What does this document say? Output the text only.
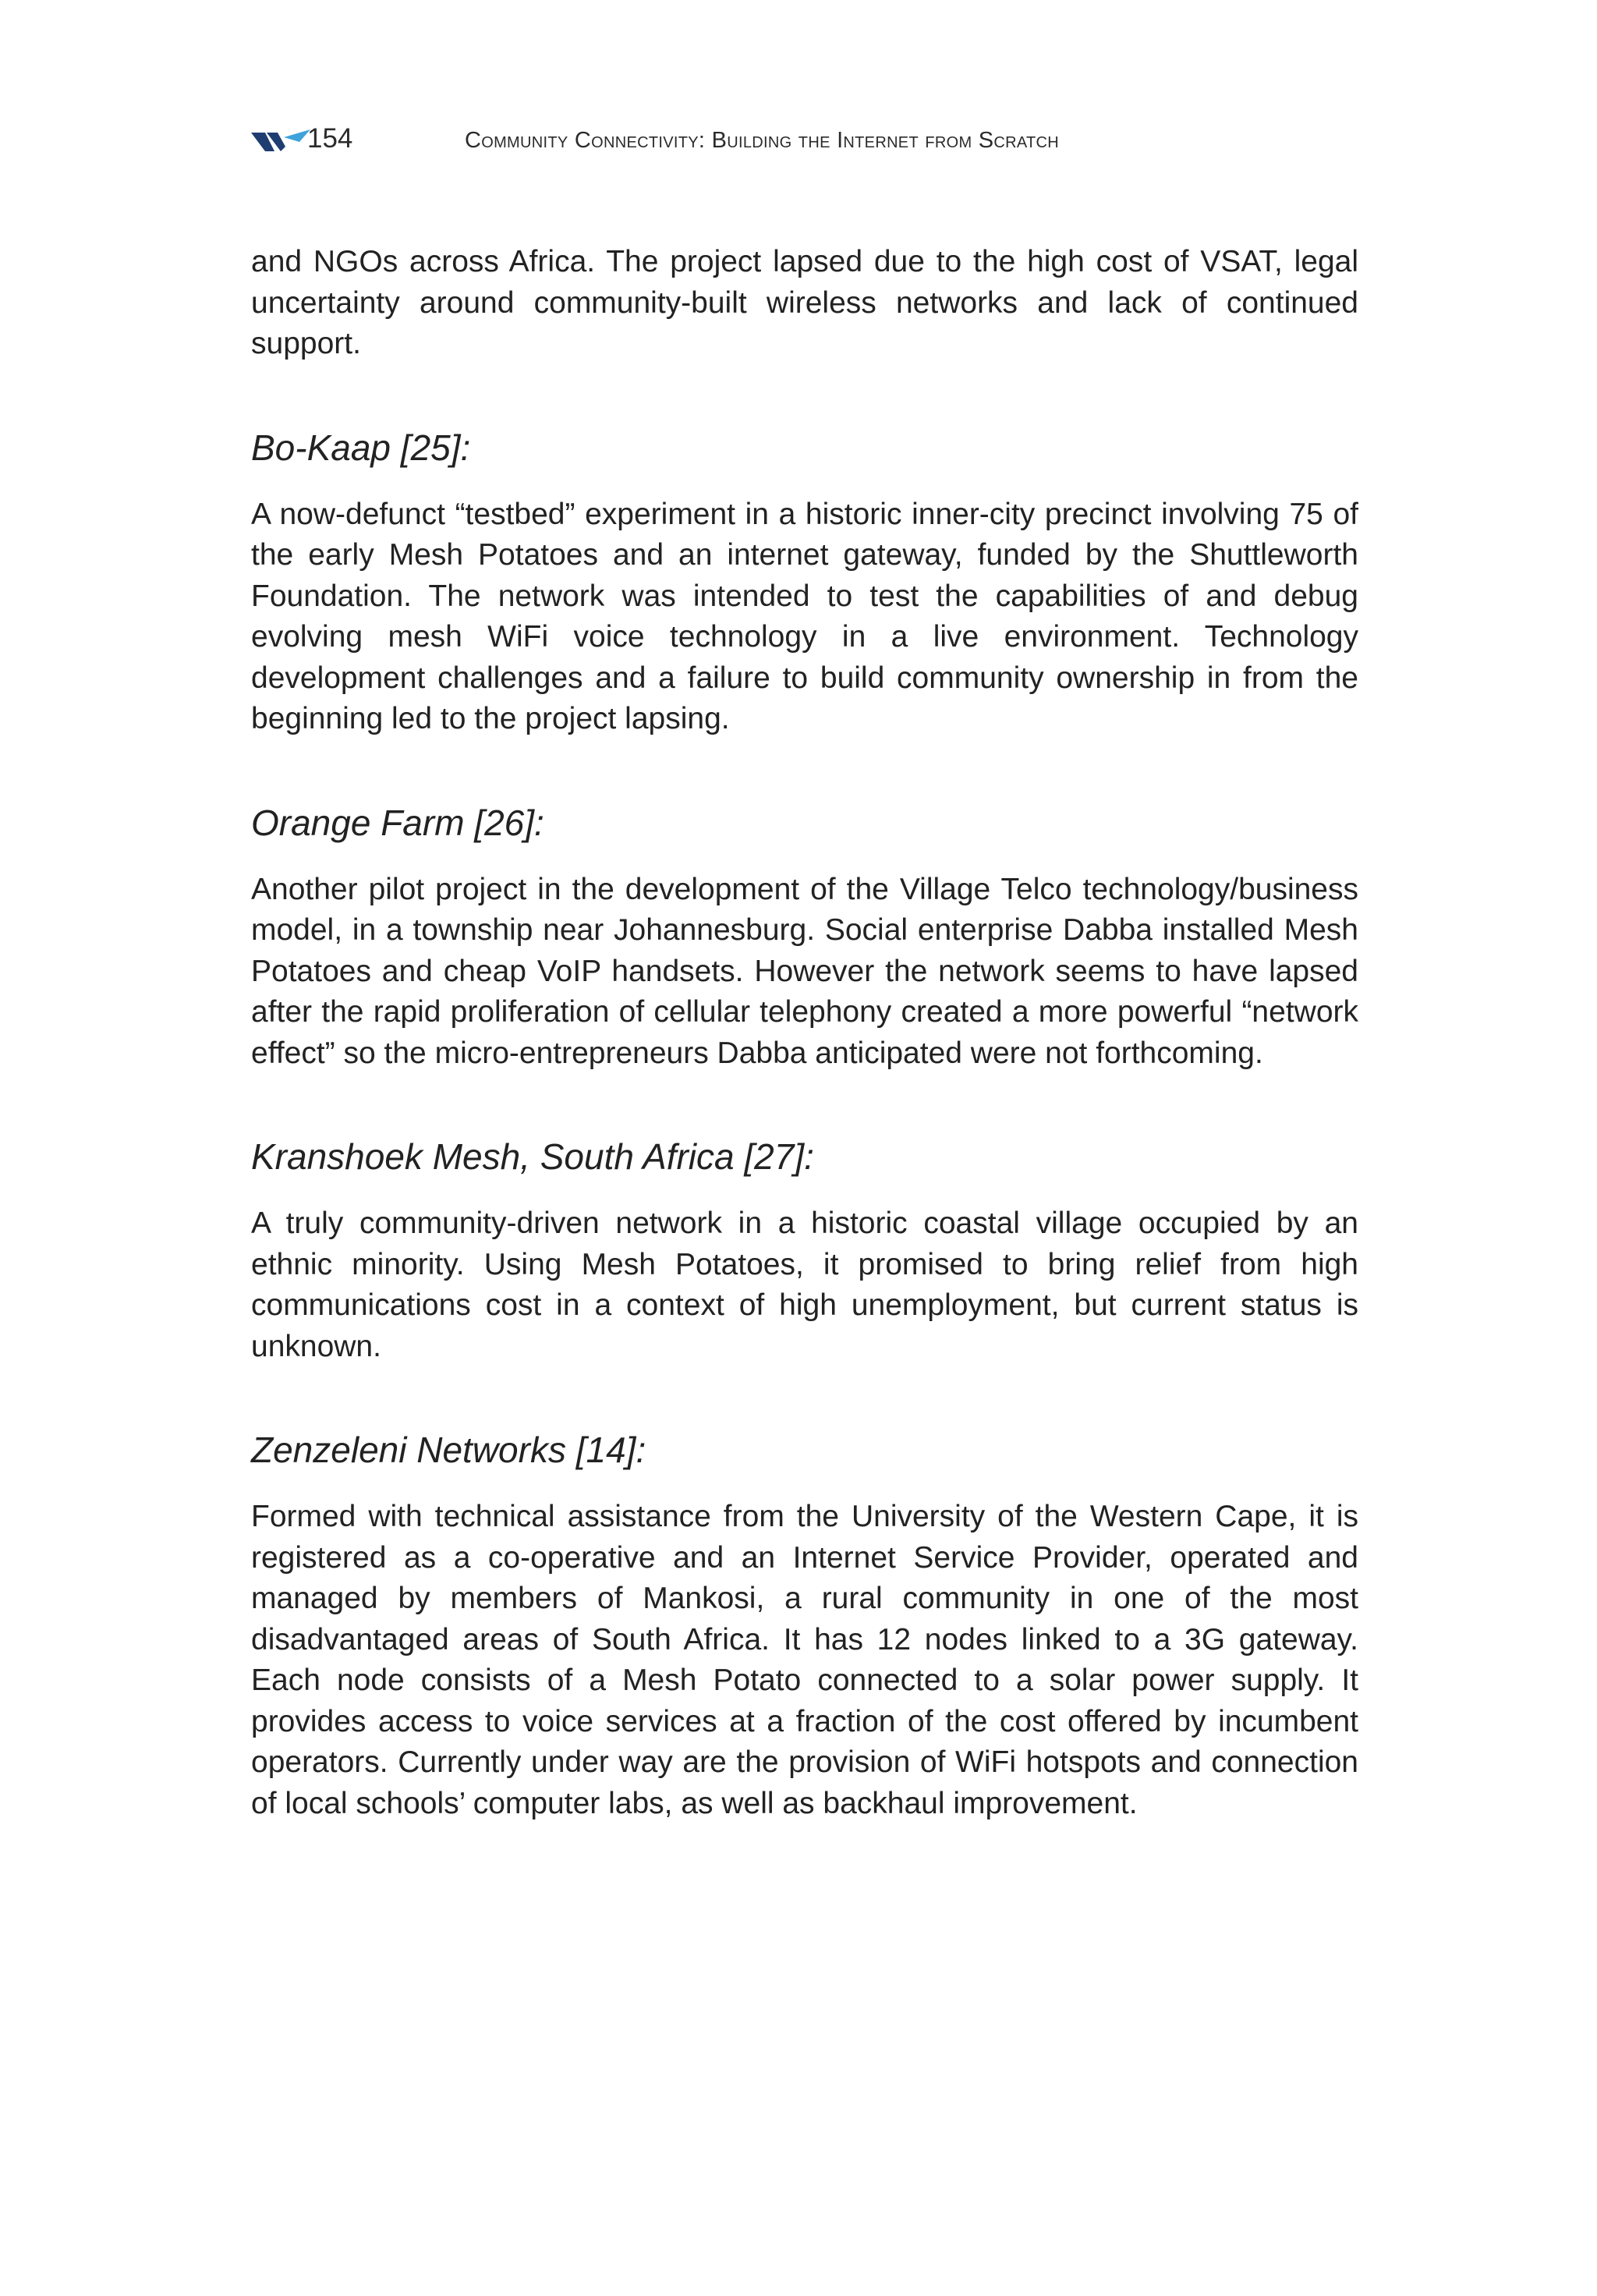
154	Community Connectivity: Building the Internet from Scratch

and NGOs across Africa. The project lapsed due to the high cost of VSAT, legal uncertainty around community-built wireless networks and lack of continued support.

Bo-Kaap [25]:

A now-defunct “testbed” experiment in a historic inner-city precinct involving 75 of the early Mesh Potatoes and an internet gateway, funded by the Shuttleworth Foundation. The network was intended to test the capabilities of and debug evolving mesh WiFi voice technology in a live environment. Technology development challenges and a failure to build community ownership in from the beginning led to the project lapsing.

Orange Farm [26]:

Another pilot project in the development of the Village Telco technology/​business model, in a township near Johannesburg. Social enterprise Dabba installed Mesh Potatoes and cheap VoIP handsets. However the network seems to have lapsed after the rapid proliferation of cellular telephony created a more powerful “network effect” so the micro-entrepreneurs Dabba anticipated were not forthcoming.

Kranshoek Mesh, South Africa [27]:

A truly community-driven network in a historic coastal village occupied by an ethnic minority. Using Mesh Potatoes, it promised to bring relief from high communications cost in a context of high unemployment, but current status is unknown.

Zenzeleni Networks [14]:

Formed with technical assistance from the University of the Western Cape, it is registered as a co-operative and an Internet Service Provider, operated and managed by members of Mankosi, a rural community in one of the most disadvantaged areas of South Africa. It has 12 nodes linked to a 3G gateway. Each node consists of a Mesh Potato connected to a solar power supply. It provides access to voice services at a fraction of the cost offered by incumbent operators. Currently under way are the provision of WiFi hotspots and connection of local schools’ computer labs, as well as backhaul improvement.
